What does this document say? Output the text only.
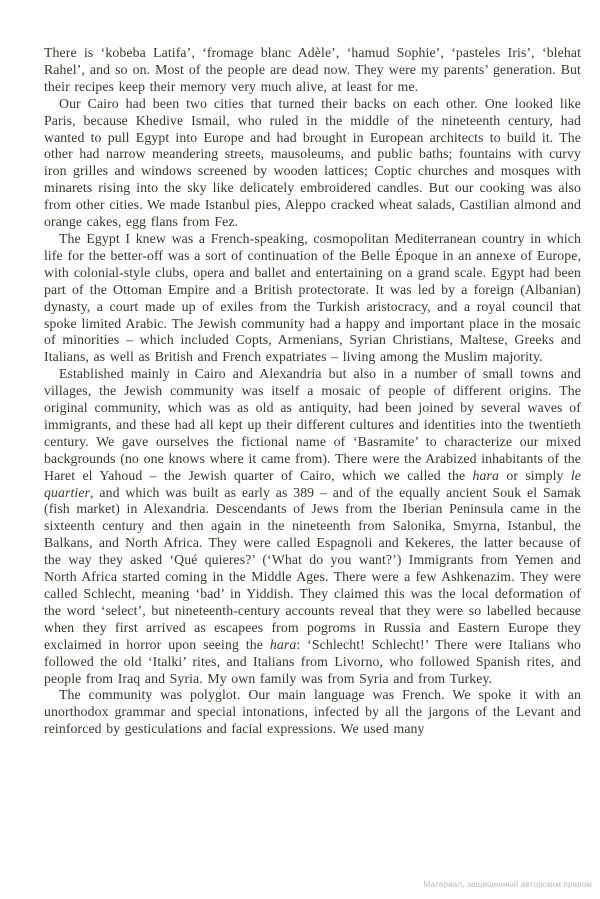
There is ‘kobeba Latifa’, ‘fromage blanc Adèle’, ‘hamud Sophie’, ‘pasteles Iris’, ‘blehat Rahel’, and so on. Most of the people are dead now. They were my parents’ generation. But their recipes keep their memory very much alive, at least for me.

Our Cairo had been two cities that turned their backs on each other. One looked like Paris, because Khedive Ismail, who ruled in the middle of the nineteenth century, had wanted to pull Egypt into Europe and had brought in European architects to build it. The other had narrow meandering streets, mausoleums, and public baths; fountains with curvy iron grilles and windows screened by wooden lattices; Coptic churches and mosques with minarets rising into the sky like delicately embroidered candles. But our cooking was also from other cities. We made Istanbul pies, Aleppo cracked wheat salads, Castilian almond and orange cakes, egg flans from Fez.

The Egypt I knew was a French-speaking, cosmopolitan Mediterranean country in which life for the better-off was a sort of continuation of the Belle Époque in an annexe of Europe, with colonial-style clubs, opera and ballet and entertaining on a grand scale. Egypt had been part of the Ottoman Empire and a British protectorate. It was led by a foreign (Albanian) dynasty, a court made up of exiles from the Turkish aristocracy, and a royal council that spoke limited Arabic. The Jewish community had a happy and important place in the mosaic of minorities – which included Copts, Armenians, Syrian Christians, Maltese, Greeks and Italians, as well as British and French expatriates – living among the Muslim majority.

Established mainly in Cairo and Alexandria but also in a number of small towns and villages, the Jewish community was itself a mosaic of people of different origins. The original community, which was as old as antiquity, had been joined by several waves of immigrants, and these had all kept up their different cultures and identities into the twentieth century. We gave ourselves the fictional name of ‘Basramite’ to characterize our mixed backgrounds (no one knows where it came from). There were the Arabized inhabitants of the Haret el Yahoud – the Jewish quarter of Cairo, which we called the hara or simply le quartier, and which was built as early as 389 – and of the equally ancient Souk el Samak (fish market) in Alexandria. Descendants of Jews from the Iberian Peninsula came in the sixteenth century and then again in the nineteenth from Salonika, Smyrna, Istanbul, the Balkans, and North Africa. They were called Espagnoli and Kekeres, the latter because of the way they asked ‘Qué quieres?’ (‘What do you want?’) Immigrants from Yemen and North Africa started coming in the Middle Ages. There were a few Ashkenazim. They were called Schlecht, meaning ‘bad’ in Yiddish. They claimed this was the local deformation of the word ‘select’, but nineteenth-century accounts reveal that they were so labelled because when they first arrived as escapees from pogroms in Russia and Eastern Europe they exclaimed in horror upon seeing the hara: ‘Schlecht! Schlecht!’ There were Italians who followed the old ‘Italki’ rites, and Italians from Livorno, who followed Spanish rites, and people from Iraq and Syria. My own family was from Syria and from Turkey.

The community was polyglot. Our main language was French. We spoke it with an unorthodox grammar and special intonations, infected by all the jargons of the Levant and reinforced by gesticulations and facial expressions. We used many

Материал, защищенный авторским правом
